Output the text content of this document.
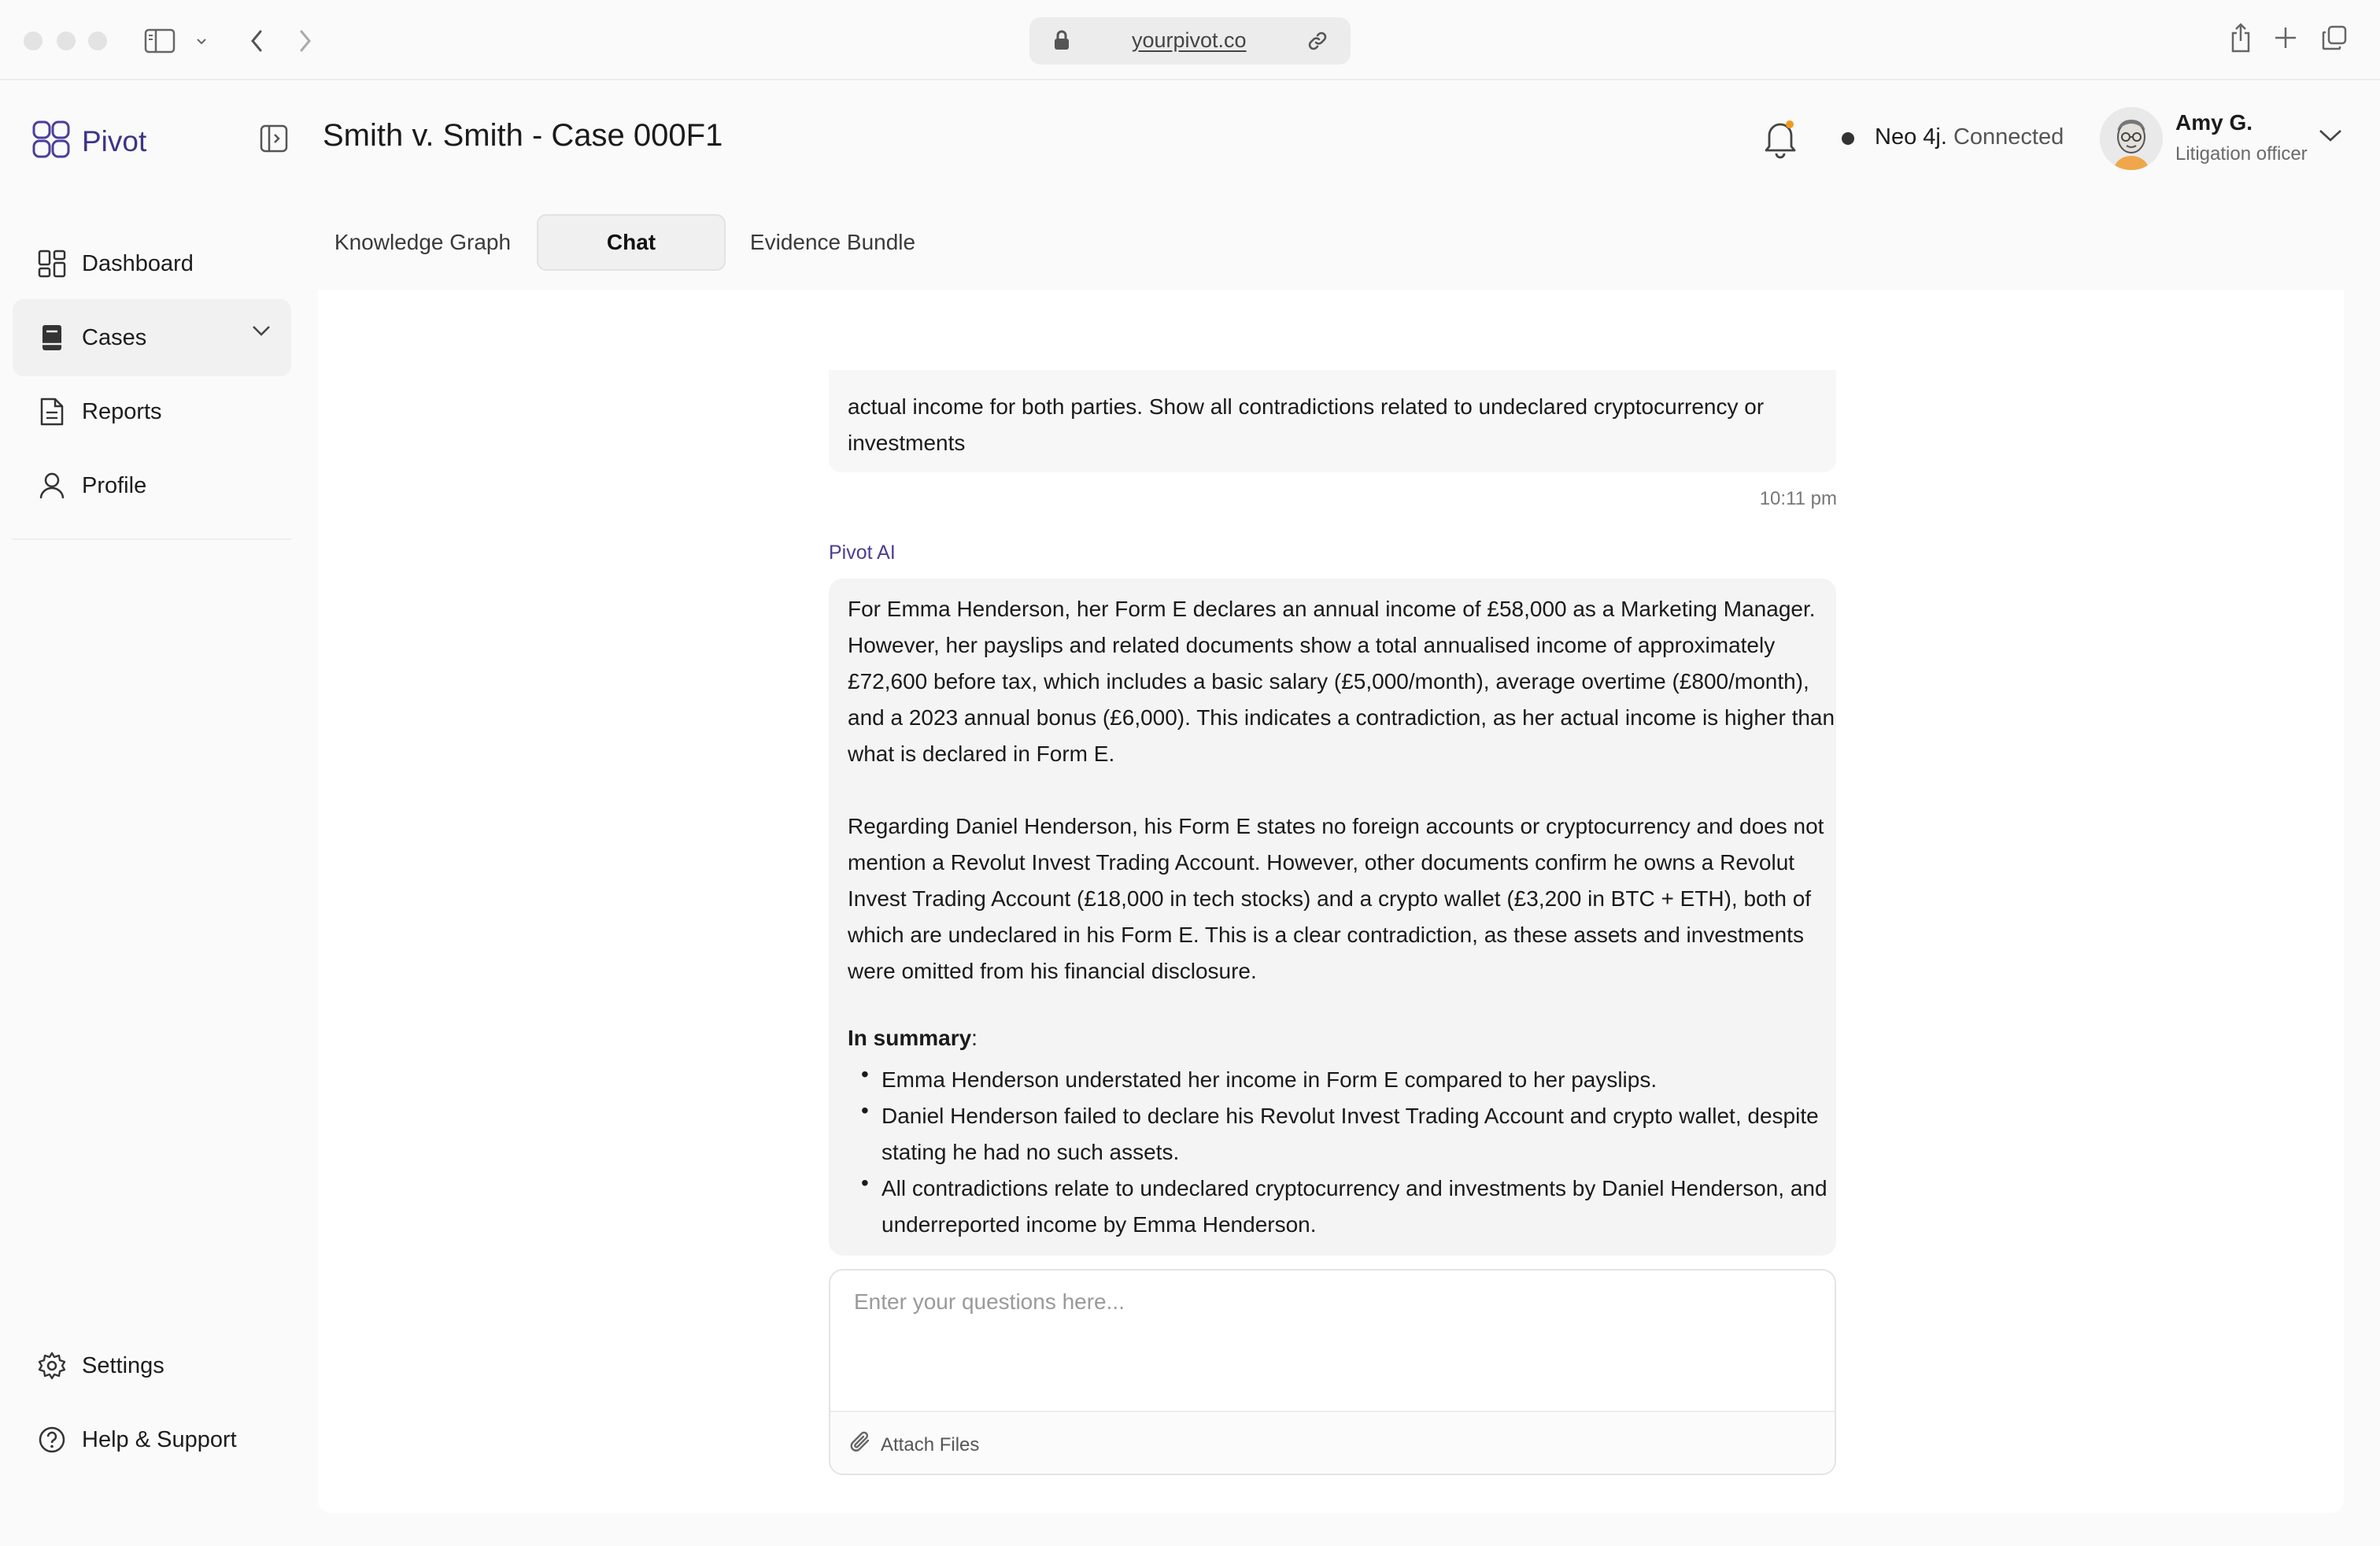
yourpivot.co
Pivot
Dashboard
Cases
Reports
Profile
Settings
Help & Support
Smith v. Smith - Case 000F1	Neo 4j. Connected
Amy G.
Litigation officer
Knowledge Graph	Chat	Evidence Bundle
actual income for both parties. Show all contradictions related to undeclared cryptocurrency or
investments
10:11 pm
Pivot AI
For Emma Henderson, her Form E declares an annual income of £58,000 as a Marketing Manager.
However, her payslips and related documents show a total annualised income of approximately
£72,600 before tax, which includes a basic salary (£5,000/month), average overtime (£800/month),
and a 2023 annual bonus (£6,000). This indicates a contradiction, as her actual income is higher than
what is declared in Form E.
Regarding Daniel Henderson, his Form E states no foreign accounts or cryptocurrency and does not
mention a Revolut Invest Trading Account. However, other documents confirm he owns a Revolut
Invest Trading Account (£18,000 in tech stocks) and a crypto wallet (£3,200 in BTC + ETH), both of
which are undeclared in his Form E. This is a clear contradiction, as these assets and investments
were omitted from his financial disclosure.
In summary:
• Emma Henderson understated her income in Form E compared to her payslips.
• Daniel Henderson failed to declare his Revolut Invest Trading Account and crypto wallet, despite
stating he had no such assets.
• All contradictions relate to undeclared cryptocurrency and investments by Daniel Henderson, and
underreported income by Emma Henderson.
Enter your questions here...
Attach Files
